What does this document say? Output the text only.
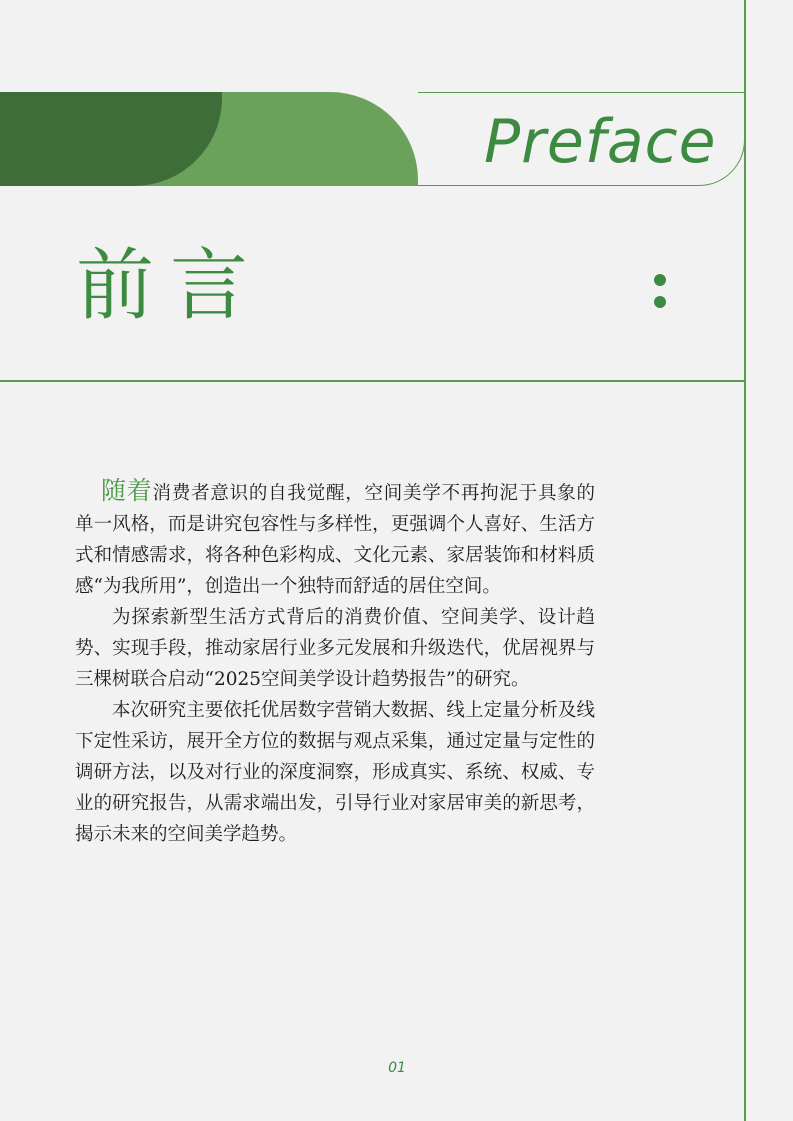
Preface
前言

随着消费者意识的自我觉醒，空间美学不再拘泥于具象的单一风格，而是讲究包容性与多样性，更强调个人喜好、生活方式和情感需求，将各种色彩构成、文化元素、家居装饰和材料质感“为我所用”，创造出一个独特而舒适的居住空间。

为探索新型生活方式背后的消费价值、空间美学、设计趋势、实现手段，推动家居行业多元发展和升级迭代，优居视界与三棵树联合启动“2025空间美学设计趋势报告”的研究。

本次研究主要依托优居数字营销大数据、线上定量分析及线下定性采访，展开全方位的数据与观点采集，通过定量与定性的调研方法，以及对行业的深度洞察，形成真实、系统、权威、专业的研究报告，从需求端出发，引导行业对家居审美的新思考，揭示未来的空间美学趋势。

01
